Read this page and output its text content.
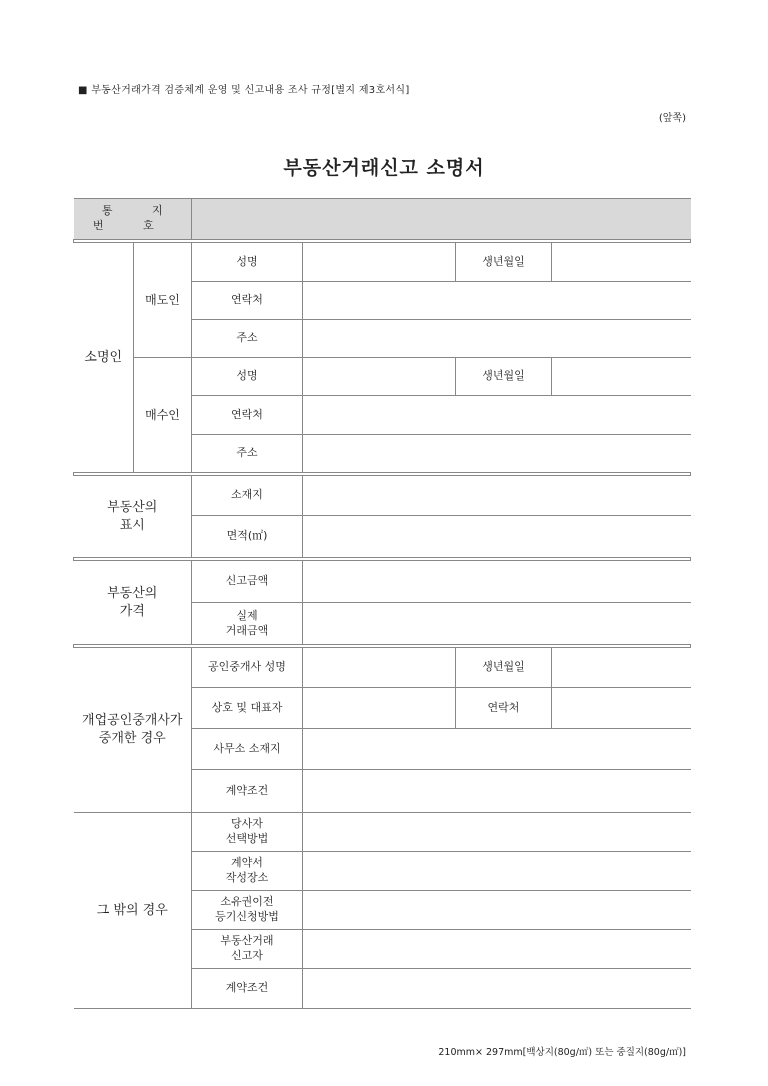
■ 부동산거래가격 검증체계 운영 및 신고내용 조사 규정[별지 제3호서식]
(앞쪽)
부동산거래신고 소명서
통 지 번 호					

소명인	매도인	성명		생년월일	
		연락처			
		주소			
	매수인	성명		생년월일	
		연락처			
		주소			

부동산의
표시		소재지			
		면적(㎡)			

부동산의
가격		신고금액			
		실제
거래금액			

개업공인중개사가
중개한 경우		공인중개사 성명		생년월일	
		상호 및 대표자		연락처	
		사무소 소재지			
		계약조건			
그 밖의 경우		당사자
선택방법			
		계약서
작성장소			
		소유권이전
등기신청방법			
		부동산거래
신고자			
		계약조건			
210mm× 297mm[백상지(80g/㎡) 또는 중질지(80g/㎡)]
